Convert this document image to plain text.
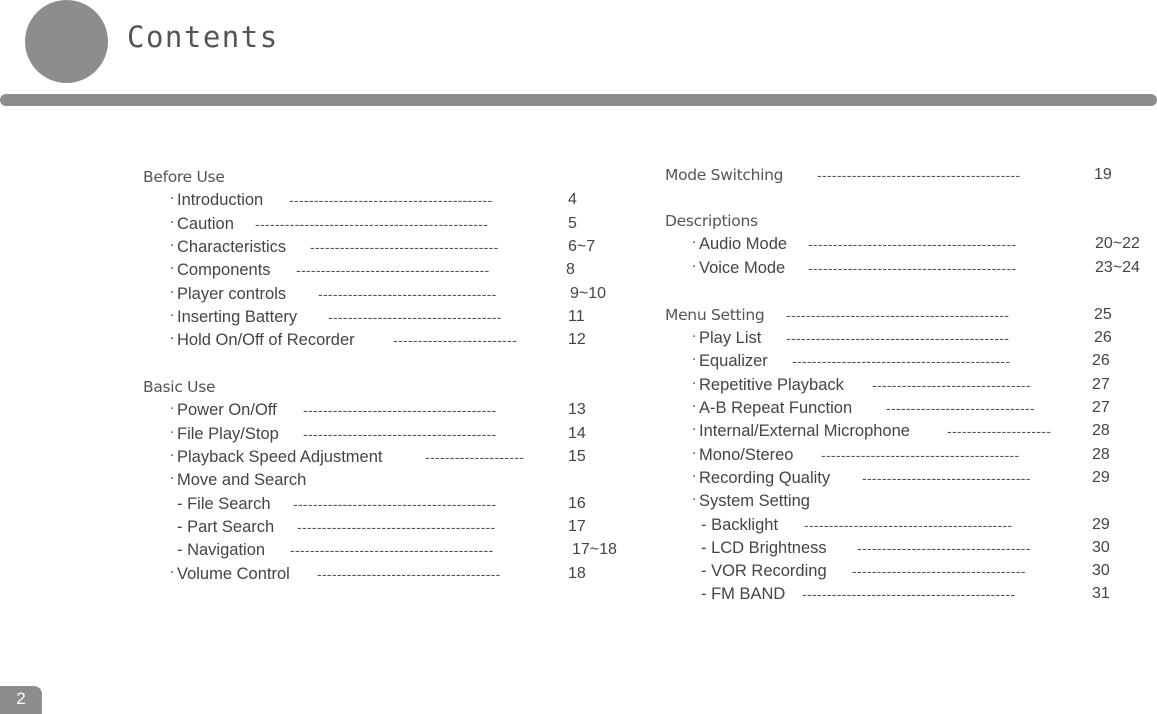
Contents
Before Use
· Introduction -----------------------------------------	4
· Caution -----------------------------------------------	5
· Characteristics --------------------------------------	6~7
· Components ---------------------------------------	8
· Player controls ------------------------------------	9~10
· Inserting Battery -----------------------------------	11
· Hold On/Off of Recorder	-------------------------	12
Basic Use
· Power On/Off ---------------------------------------	13
· File Play/Stop ---------------------------------------	14
· Playback Speed Adjustment	--------------------	15
· Move and Search
- File Search -----------------------------------------	16
- Part Search ----------------------------------------	17
- Navigation -----------------------------------------	17~18
· Volume Control -------------------------------------	18
Mode Switching -----------------------------------------	19
Descriptions
· Audio Mode ------------------------------------------	20~22
· Voice Mode ------------------------------------------	23~24
Menu Setting ---------------------------------------------	25
· Play List ---------------------------------------------	26
· Equalizer --------------------------------------------	26
· Repetitive Playback --------------------------------	27
· A-B Repeat Function ------------------------------	27
· Internal/External Microphone	---------------------	28
· Mono/Stereo ----------------------------------------	28
· Recording Quality ----------------------------------	29
· System Setting
- Backlight ------------------------------------------	29
- LCD Brightness -----------------------------------	30
- VOR Recording -----------------------------------	30
- FM BAND -------------------------------------------	31
2
